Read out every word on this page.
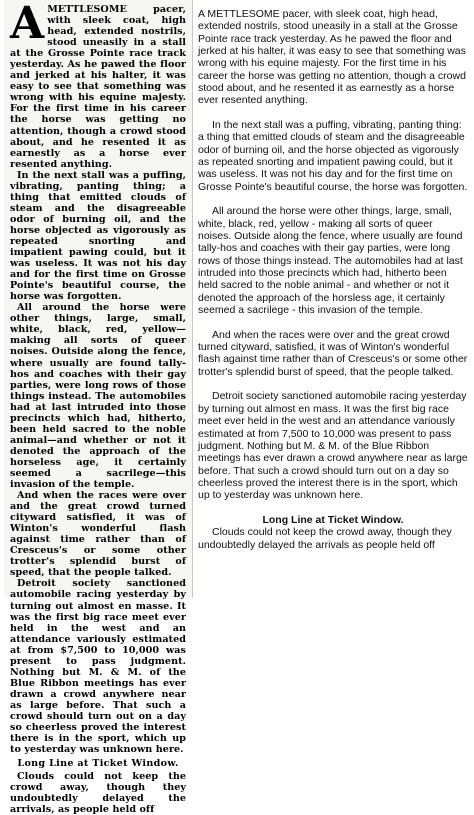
A METTLESOME pacer, with sleek coat, high head, extended nostrils, stood uneasily in a stall at the Grosse Pointe race track yesterday. As he pawed the floor and jerked at his halter, it was easy to see that something was wrong with his equine majesty. For the first time in his career the horse was getting no attention, though a crowd stood about, and he resented it as earnestly as a horse ever resented anything.

In the next stall was a puffing, vibrating, panting thing; a thing that emitted clouds of steam and the disagreeable odor of burning oil, and the horse objected as vigorously as repeated snorting and impatient pawing could, but it was useless. It was not his day and for the first time on Grosse Pointe's beautiful course, the horse was forgotten.

All around the horse were other things, large, small, white, black, red, yellow—making all sorts of queer noises. Outside along the fence, where usually are found tally-hos and coaches with their gay parties, were long rows of those things instead. The automobiles had at last intruded into those precincts which had, hitherto, been held sacred to the noble animal—and whether or not it denoted the approach of the horseless age, it certainly seemed a sacrilege—this invasion of the temple.

And when the races were over and the great crowd turned cityward satisfied, it was of Winton's wonderful flash against time rather than of Cresceus's or some other trotter's splendid burst of speed, that the people talked.

Detroit society sanctioned automobile racing yesterday by turning out almost en masse. It was the first big race meet ever held in the west and an attendance variously estimated at from $7,500 to 10,000 was present to pass judgment. Nothing but M. & M. of the Blue Ribbon meetings has ever drawn a crowd anywhere near as large before. That such a crowd should turn out on a day so cheerless proved the interest there is in the sport, which up to yesterday was unknown here.

Long Line at Ticket Window.

Clouds could not keep the crowd away, though they undoubtedly delayed the arrivals, as people held off

A METTLESOME pacer, with sleek coat, high head, extended nostrils, stood uneasily in a stall at the Grosse Pointe race track yesterday. As he pawed the floor and jerked at his halter, it was easy to see that something was wrong with his equine majesty. For the first time in his career the horse was getting no attention, though a crowd stood about, and he resented it as earnestly as a horse ever resented anything.

In the next stall was a puffing, vibrating, panting thing: a thing that emitted clouds of steam and the disagreeable odor of burning oil, and the horse objected as vigorously as repeated snorting and impatient pawing could, but it was useless. It was not his day and for the first time on Grosse Pointe's beautiful course, the horse was forgotten.

All around the horse were other things, large, small, white, black, red, yellow - making all sorts of queer noises. Outside along the fence, where usually are found tally-hos and coaches with their gay parties, were long rows of those things instead. The automobiles had at last intruded into those precincts which had, hitherto been held sacred to the noble animal - and whether or not it denoted the approach of the horsless age, it certainly seemed a sacrilege - this invasion of the temple.

And when the races were over and the great crowd turned cityward, satisfied, it was of Winton's wonderful flash against time rather than of Cresceus's or some other trotter's splendid burst of speed, that the people talked.

Detroit society sanctioned automobile racing yesterday by turning out almost en mass. It was the first big race meet ever held in the west and an attendance variously estimated at from 7,500 to 10,000 was present to pass judgment. Nothing but M. & M. of the Blue Ribbon meetings has ever drawn a crowd anywhere near as large before. That such a crowd should turn out on a day so cheerless proved the interest there is in the sport, which up to yesterday was unknown here.

Long Line at Ticket Window.

Clouds could not keep the crowd away, though they undoubtedly delayed the arrivals as people held off
